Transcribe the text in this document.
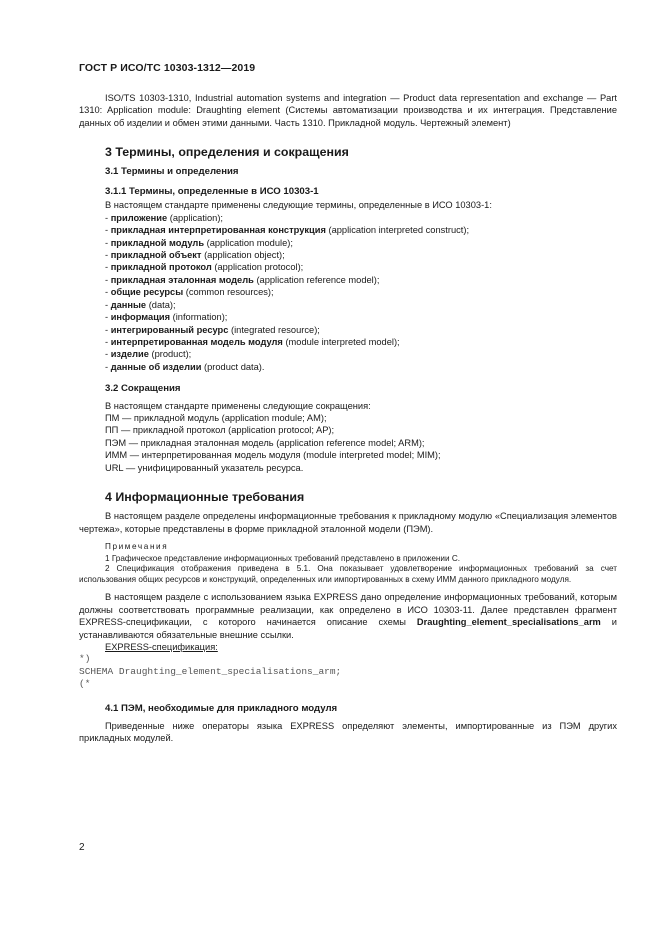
ГОСТ Р ИСО/ТС 10303-1312—2019

ISO/TS 10303-1310, Industrial automation systems and integration — Product data representation and exchange — Part 1310: Application module: Draughting element (Системы автоматизации производства и их интеграция. Представление данных об изделии и обмен этими данными. Часть 1310. Прикладной модуль. Чертежный элемент)

3 Термины, определения и сокращения
3.1 Термины и определения
3.1.1 Термины, определенные в ИСО 10303-1

В настоящем стандарте применены следующие термины, определенные в ИСО 10303-1:

- приложение (application);
- прикладная интерпретированная конструкция (application interpreted construct);
- прикладной модуль (application module);
- прикладной объект (application object);
- прикладной протокол (application protocol);
- прикладная эталонная модель (application reference model);
- общие ресурсы (common resources);
- данные (data);
- информация (information);
- интегрированный ресурс (integrated resource);
- интерпретированная модель модуля (module interpreted model);
- изделие (product);
- данные об изделии (product data).
3.2 Сокращения

В настоящем стандарте применены следующие сокращения:

ПМ — прикладной модуль (application module; AM);

ПП — прикладной протокол (application protocol; AP);

ПЭМ — прикладная эталонная модель (application reference model; ARM);

ИММ — интерпретированная модель модуля (module interpreted model; MIM);

URL — унифицированный указатель ресурса.

4 Информационные требования

В настоящем разделе определены информационные требования к прикладному модулю «Специализация элементов чертежа», которые представлены в форме прикладной эталонной модели (ПЭМ).

Примечания

1 Графическое представление информационных требований представлено в приложении С.

2 Спецификация отображения приведена в 5.1. Она показывает удовлетворение информационных требований за счет использования общих ресурсов и конструкций, определенных или импортированных в схему ИММ данного прикладного модуля.

В настоящем разделе с использованием языка EXPRESS дано определение информационных требований, которым должны соответствовать программные реализации, как определено в ИСО 10303-11. Далее представлен фрагмент EXPRESS-спецификации, с которого начинается описание схемы Draughting_element_specialisations_arm и устанавливаются обязательные внешние ссылки.

EXPRESS-спецификация:

*)
SCHEMA Draughting_element_specialisations_arm;
(*
4.1 ПЭМ, необходимые для прикладного модуля

Приведенные ниже операторы языка EXPRESS определяют элементы, импортированные из ПЭМ других прикладных модулей.

2
